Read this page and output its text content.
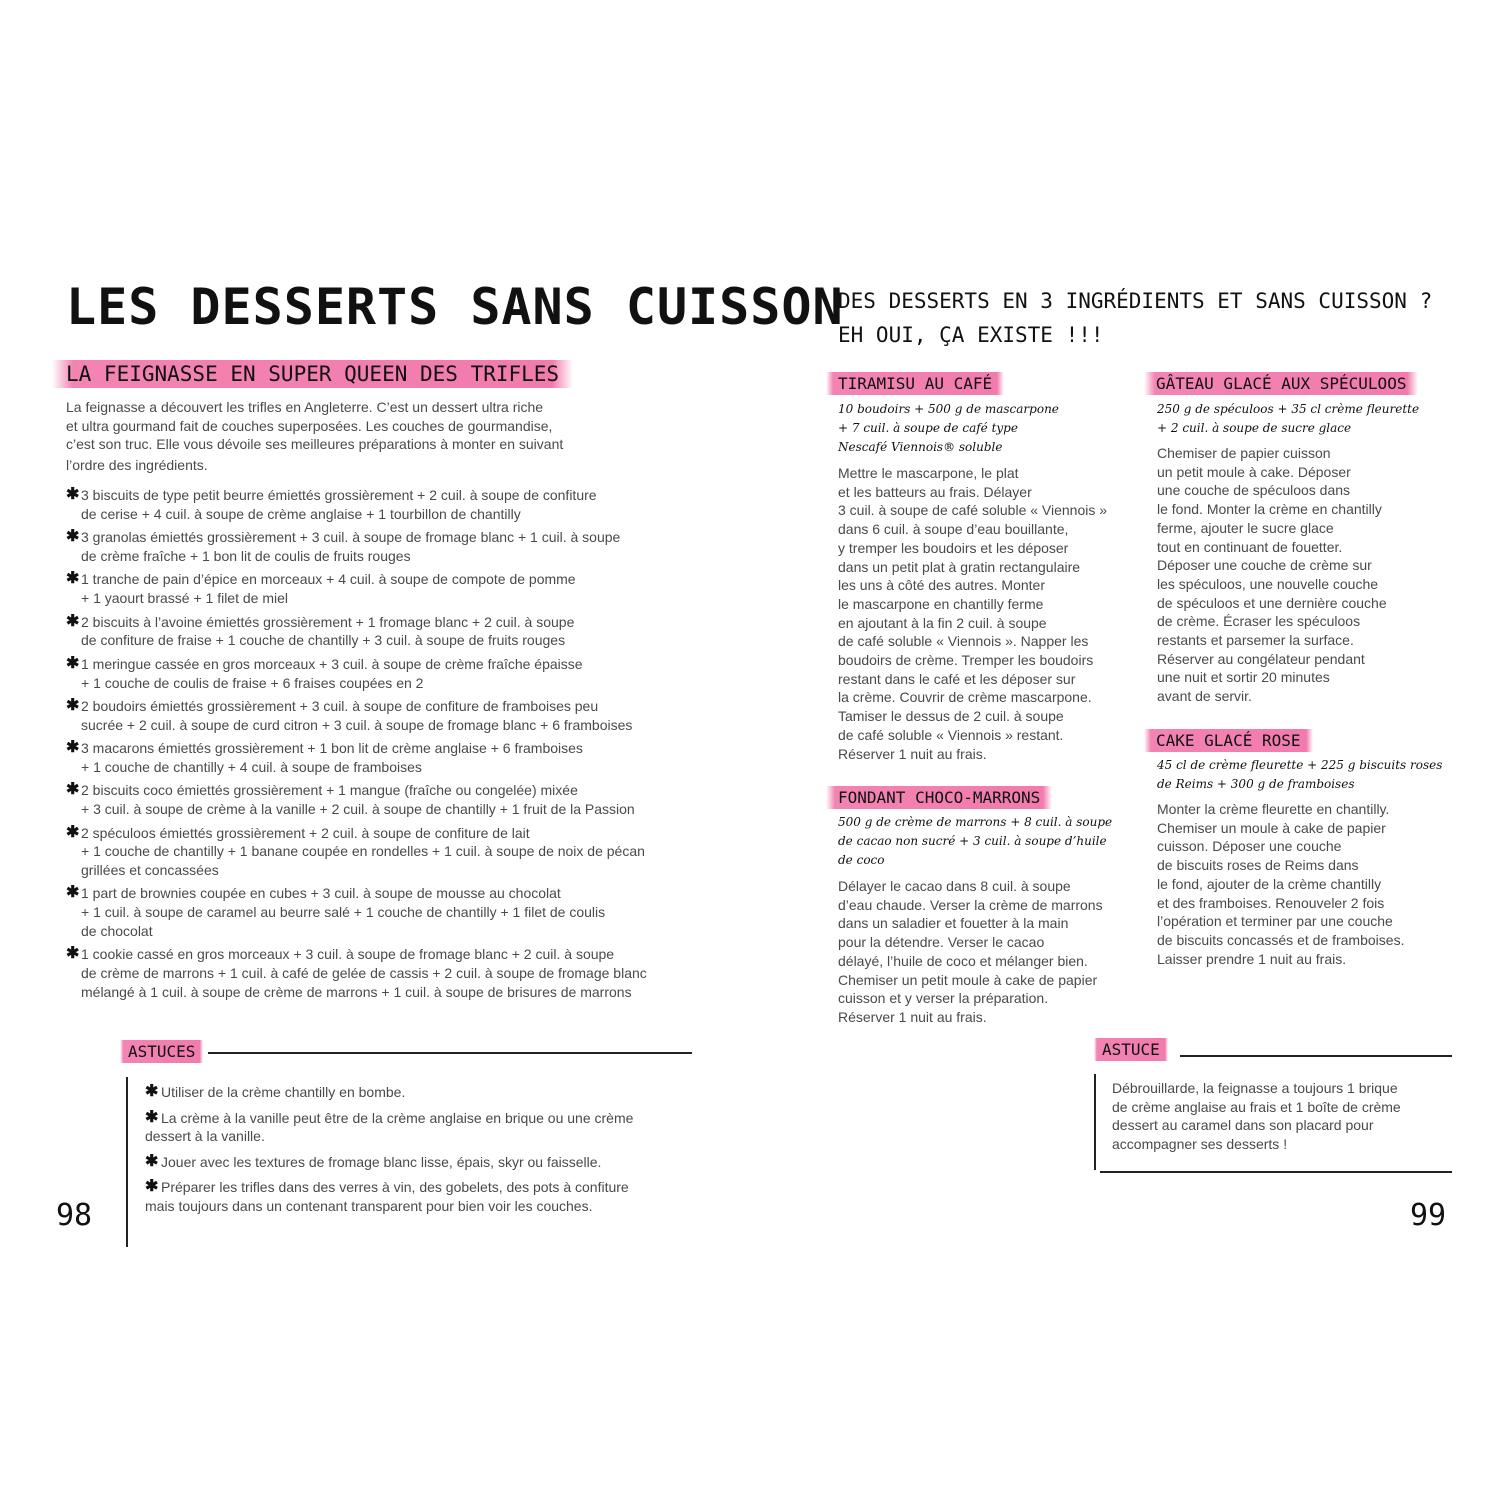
LES DESSERTS SANS CUISSON
LA FEIGNASSE EN SUPER QUEEN DES TRIFLES
La feignasse a découvert les trifles en Angleterre. C’est un dessert ultra riche
et ultra gourmand fait de couches superposées. Les couches de gourmandise,
c’est son truc. Elle vous dévoile ses meilleures préparations à monter en suivant
l’ordre des ingrédients.
✱ 3 biscuits de type petit beurre émiettés grossièrement + 2 cuil. à soupe de confiture
de cerise + 4 cuil. à soupe de crème anglaise + 1 tourbillon de chantilly
✱ 3 granolas émiettés grossièrement + 3 cuil. à soupe de fromage blanc + 1 cuil. à soupe
de crème fraîche + 1 bon lit de coulis de fruits rouges
✱ 1 tranche de pain d’épice en morceaux + 4 cuil. à soupe de compote de pomme
+ 1 yaourt brassé + 1 filet de miel
✱ 2 biscuits à l’avoine émiettés grossièrement + 1 fromage blanc + 2 cuil. à soupe
de confiture de fraise + 1 couche de chantilly + 3 cuil. à soupe de fruits rouges
✱ 1 meringue cassée en gros morceaux + 3 cuil. à soupe de crème fraîche épaisse
+ 1 couche de coulis de fraise + 6 fraises coupées en 2
✱ 2 boudoirs émiettés grossièrement + 3 cuil. à soupe de confiture de framboises peu
sucrée + 2 cuil. à soupe de curd citron + 3 cuil. à soupe de fromage blanc + 6 framboises
✱ 3 macarons émiettés grossièrement + 1 bon lit de crème anglaise + 6 framboises
+ 1 couche de chantilly + 4 cuil. à soupe de framboises
✱ 2 biscuits coco émiettés grossièrement + 1 mangue (fraîche ou congelée) mixée
+ 3 cuil. à soupe de crème à la vanille + 2 cuil. à soupe de chantilly + 1 fruit de la Passion
✱ 2 spéculoos émiettés grossièrement + 2 cuil. à soupe de confiture de lait
+ 1 couche de chantilly + 1 banane coupée en rondelles + 1 cuil. à soupe de noix de pécan
grillées et concassées
✱ 1 part de brownies coupée en cubes + 3 cuil. à soupe de mousse au chocolat
+ 1 cuil. à soupe de caramel au beurre salé + 1 couche de chantilly + 1 filet de coulis
de chocolat
✱ 1 cookie cassé en gros morceaux + 3 cuil. à soupe de fromage blanc + 2 cuil. à soupe
de crème de marrons + 1 cuil. à café de gelée de cassis + 2 cuil. à soupe de fromage blanc
mélangé à 1 cuil. à soupe de crème de marrons + 1 cuil. à soupe de brisures de marrons
ASTUCES
✱ Utiliser de la crème chantilly en bombe.
✱ La crème à la vanille peut être de la crème anglaise en brique ou une crème
dessert à la vanille.
✱ Jouer avec les textures de fromage blanc lisse, épais, skyr ou faisselle.
✱ Préparer les trifles dans des verres à vin, des gobelets, des pots à confiture
mais toujours dans un contenant transparent pour bien voir les couches.
98
DES DESSERTS EN 3 INGRÉDIENTS ET SANS CUISSON ?
EH OUI, ÇA EXISTE !!!
TIRAMISU AU CAFÉ
10 boudoirs + 500 g de mascarpone
+ 7 cuil. à soupe de café type
Nescafé Viennois® soluble
Mettre le mascarpone, le plat
et les batteurs au frais. Délayer
3 cuil. à soupe de café soluble « Viennois »
dans 6 cuil. à soupe d’eau bouillante,
y tremper les boudoirs et les déposer
dans un petit plat à gratin rectangulaire
les uns à côté des autres. Monter
le mascarpone en chantilly ferme
en ajoutant à la fin 2 cuil. à soupe
de café soluble « Viennois ». Napper les
boudoirs de crème. Tremper les boudoirs
restant dans le café et les déposer sur
la crème. Couvrir de crème mascarpone.
Tamiser le dessus de 2 cuil. à soupe
de café soluble « Viennois » restant.
Réserver 1 nuit au frais.
FONDANT CHOCO-MARRONS
500 g de crème de marrons + 8 cuil. à soupe
de cacao non sucré + 3 cuil. à soupe d’huile
de coco
Délayer le cacao dans 8 cuil. à soupe
d’eau chaude. Verser la crème de marrons
dans un saladier et fouetter à la main
pour la détendre. Verser le cacao
délayé, l’huile de coco et mélanger bien.
Chemiser un petit moule à cake de papier
cuisson et y verser la préparation.
Réserver 1 nuit au frais.
GÂTEAU GLACÉ AUX SPÉCULOOS
250 g de spéculoos + 35 cl crème fleurette
+ 2 cuil. à soupe de sucre glace
Chemiser de papier cuisson
un petit moule à cake. Déposer
une couche de spéculoos dans
le fond. Monter la crème en chantilly
ferme, ajouter le sucre glace
tout en continuant de fouetter.
Déposer une couche de crème sur
les spéculoos, une nouvelle couche
de spéculoos et une dernière couche
de crème. Écraser les spéculoos
restants et parsemer la surface.
Réserver au congélateur pendant
une nuit et sortir 20 minutes
avant de servir.
CAKE GLACÉ ROSE
45 cl de crème fleurette + 225 g biscuits roses
de Reims + 300 g de framboises
Monter la crème fleurette en chantilly.
Chemiser un moule à cake de papier
cuisson. Déposer une couche
de biscuits roses de Reims dans
le fond, ajouter de la crème chantilly
et des framboises. Renouveler 2 fois
l’opération et terminer par une couche
de biscuits concassés et de framboises.
Laisser prendre 1 nuit au frais.
ASTUCE
Débrouillarde, la feignasse a toujours 1 brique
de crème anglaise au frais et 1 boîte de crème
dessert au caramel dans son placard pour
accompagner ses desserts !
99
